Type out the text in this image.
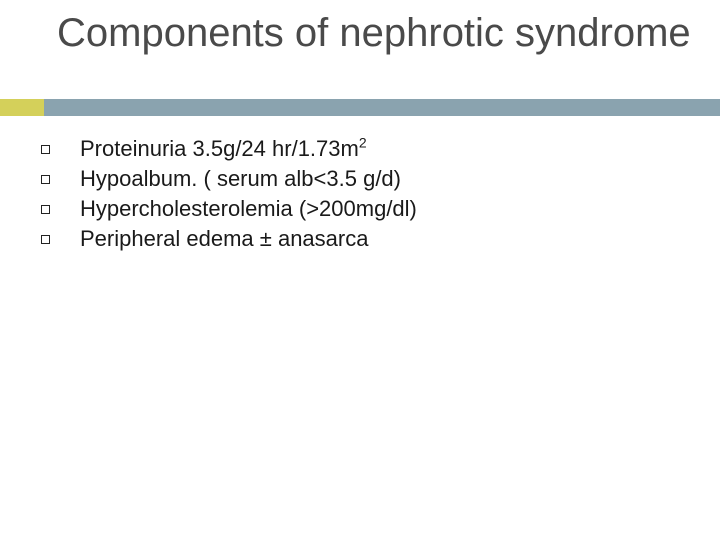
Components of nephrotic syndrome
Proteinuria 3.5g/24 $hr/1.73m^2$
Hypoalbum. ( serum alb<3.5 g/d)
Hypercholesterolemia (>200mg/dl)
Peripheral edema ± anasarca
